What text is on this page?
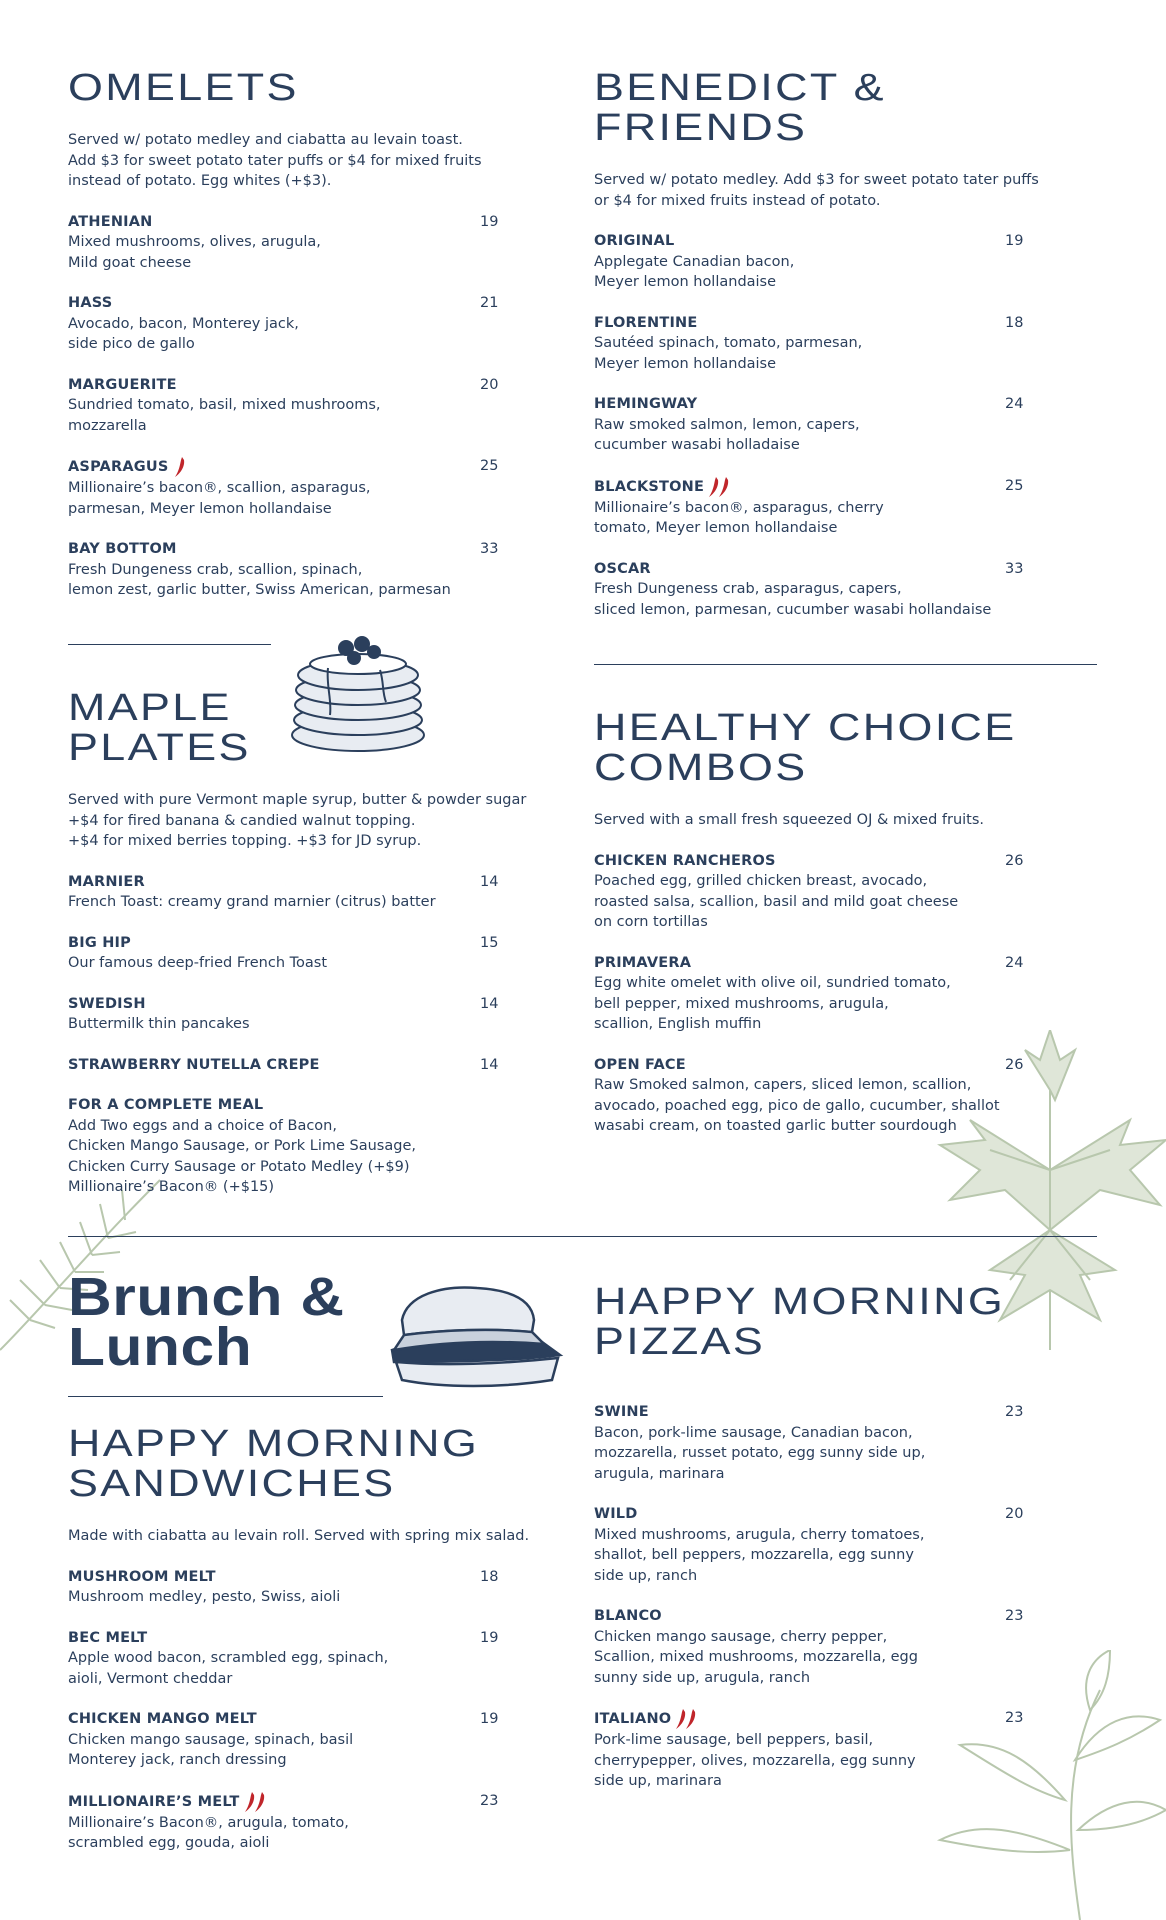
OMELETS

Served w/ potato medley and ciabatta au levain toast.
Add $3 for sweet potato tater puffs or $4 for mixed fruits
instead of potato. Egg whites (+$3).

ATHENIAN	19
Mixed mushrooms, olives, arugula,
Mild goat cheese
HASS	21
Avocado, bacon, Monterey jack,
side pico de gallo
MARGUERITE	20
Sundried tomato, basil, mixed mushrooms,
mozzarella
ASPARAGUS	25
Millionaire’s bacon®, scallion, asparagus,
parmesan, Meyer lemon hollandaise
BAY BOTTOM	33
Fresh Dungeness crab, scallion, spinach,
lemon zest, garlic butter, Swiss American, parmesan
BENEDICT &
FRIENDS

Served w/ potato medley. Add $3 for sweet potato tater puffs
or $4 for mixed fruits instead of potato.

ORIGINAL	19
Applegate Canadian bacon,
Meyer lemon hollandaise
FLORENTINE	18
Sautéed spinach, tomato, parmesan,
Meyer lemon hollandaise
HEMINGWAY	24
Raw smoked salmon, lemon, capers,
cucumber wasabi holladaise
BLACKSTONE	25
Millionaire’s bacon®, asparagus, cherry
tomato, Meyer lemon hollandaise
OSCAR	33
Fresh Dungeness crab, asparagus, capers,
sliced lemon, parmesan, cucumber wasabi hollandaise
MAPLE
PLATES

Served with pure Vermont maple syrup, butter & powder sugar
+$4 for fired banana & candied walnut topping.
+$4 for mixed berries topping. +$3 for JD syrup.

MARNIER	14
French Toast: creamy grand marnier (citrus) batter
BIG HIP	15
Our famous deep-fried French Toast
SWEDISH	14
Buttermilk thin pancakes
STRAWBERRY NUTELLA CREPE	14
FOR A COMPLETE MEAL
Add Two eggs and a choice of Bacon,
Chicken Mango Sausage, or Pork Lime Sausage,
Chicken Curry Sausage or Potato Medley (+$9)
Millionaire’s Bacon® (+$15)
HEALTHY CHOICE
COMBOS

Served with a small fresh squeezed OJ & mixed fruits.

CHICKEN RANCHEROS	26
Poached egg, grilled chicken breast, avocado,
roasted salsa, scallion, basil and mild goat cheese
on corn tortillas
PRIMAVERA	24
Egg white omelet with olive oil, sundried tomato,
bell pepper, mixed mushrooms, arugula,
scallion, English muffin
OPEN FACE	26
Raw Smoked salmon, capers, sliced lemon, scallion,
avocado, poached egg, pico de gallo, cucumber, shallot
wasabi cream, on toasted garlic butter sourdough
Brunch &
Lunch
HAPPY MORNING
SANDWICHES

Made with ciabatta au levain roll. Served with spring mix salad.

MUSHROOM MELT	18
Mushroom medley, pesto, Swiss, aioli
BEC MELT	19
Apple wood bacon, scrambled egg, spinach,
aioli, Vermont cheddar
CHICKEN MANGO MELT	19
Chicken mango sausage, spinach, basil
Monterey jack, ranch dressing
MILLIONAIRE’S MELT	23
Millionaire’s Bacon®, arugula, tomato,
scrambled egg, gouda, aioli
HAPPY MORNING
PIZZAS
SWINE	23
Bacon, pork-lime sausage, Canadian bacon,
mozzarella, russet potato, egg sunny side up,
arugula, marinara
WILD	20
Mixed mushrooms, arugula, cherry tomatoes,
shallot, bell peppers, mozzarella, egg sunny
side up, ranch
BLANCO	23
Chicken mango sausage, cherry pepper,
Scallion, mixed mushrooms, mozzarella, egg
sunny side up, arugula, ranch
ITALIANO	23
Pork-lime sausage, bell peppers, basil,
cherrypepper, olives, mozzarella, egg sunny
side up, marinara
